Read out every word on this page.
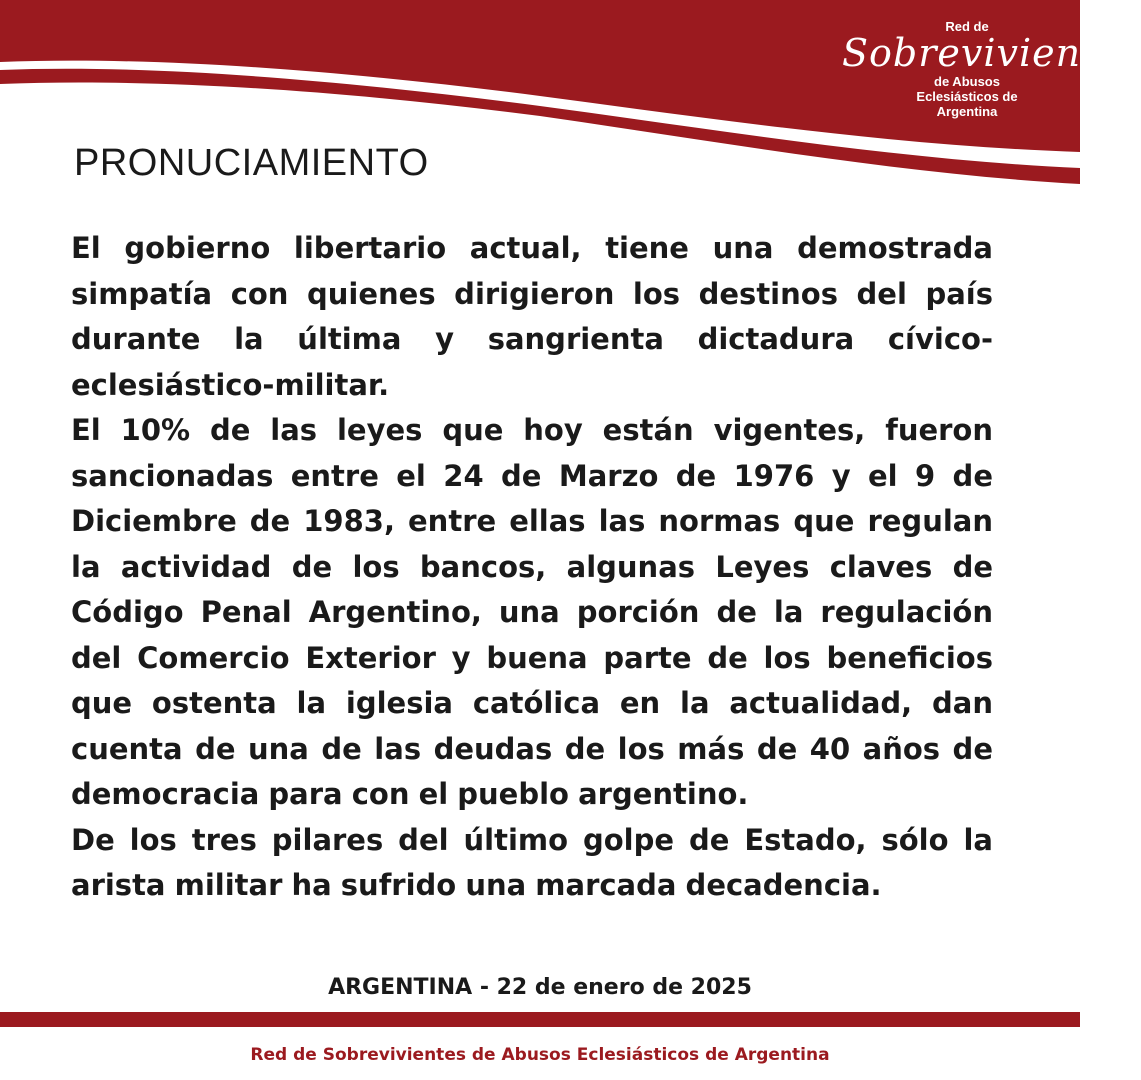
Red de
Sobrevivientes
de Abusos
Eclesiásticos de
Argentina
PRONUCIAMIENTO

El gobierno libertario actual, tiene una demostrada simpatía con quienes dirigieron los destinos del país durante la última y sangrienta dictadura cívico-eclesiástico-militar.

El 10% de las leyes que hoy están vigentes, fueron sancionadas entre el 24 de Marzo de 1976 y el 9 de Diciembre de 1983, entre ellas las normas que regulan la actividad de los bancos, algunas Leyes claves de Código Penal Argentino, una porción de la regulación del Comercio Exterior y buena parte de los beneficios que ostenta la iglesia católica en la actualidad, dan cuenta de una de las deudas de los más de 40 años de democracia para con el pueblo argentino.

De los tres pilares del último golpe de Estado, sólo la arista militar ha sufrido una marcada decadencia.

ARGENTINA - 22 de enero de 2025
Red de Sobrevivientes de Abusos Eclesiásticos de Argentina
